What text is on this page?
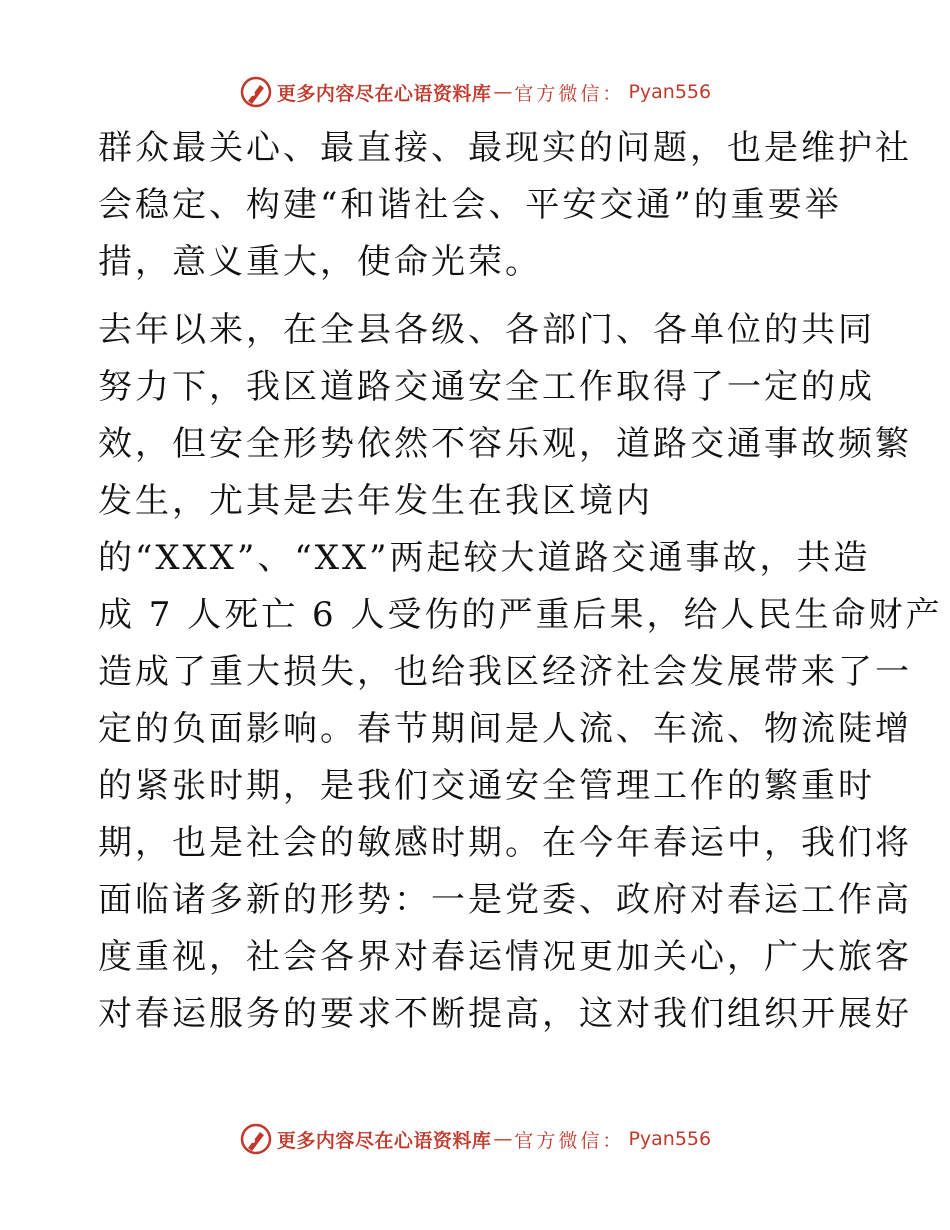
更多内容尽在心语资料库 — 官方微信： Pyan556
群众最关心、最直接、最现实的问题，也是维护社
会稳定、构建“和谐社会、平安交通”的重要举
措，意义重大，使命光荣。
去年以来，在全县各级、各部门、各单位的共同
努力下，我区道路交通安全工作取得了一定的成
效，但安全形势依然不容乐观，道路交通事故频繁
发生，尤其是去年发生在我区境内
的“XXX”、“XX”两起较大道路交通事故，共造
成 7 人死亡 6 人受伤的严重后果，给人民生命财产
造成了重大损失，也给我区经济社会发展带来了一
定的负面影响。春节期间是人流、车流、物流陡增
的紧张时期，是我们交通安全管理工作的繁重时
期，也是社会的敏感时期。在今年春运中，我们将
面临诸多新的形势：一是党委、政府对春运工作高
度重视，社会各界对春运情况更加关心，广大旅客
对春运服务的要求不断提高，这对我们组织开展好
更多内容尽在心语资料库 — 官方微信： Pyan556
